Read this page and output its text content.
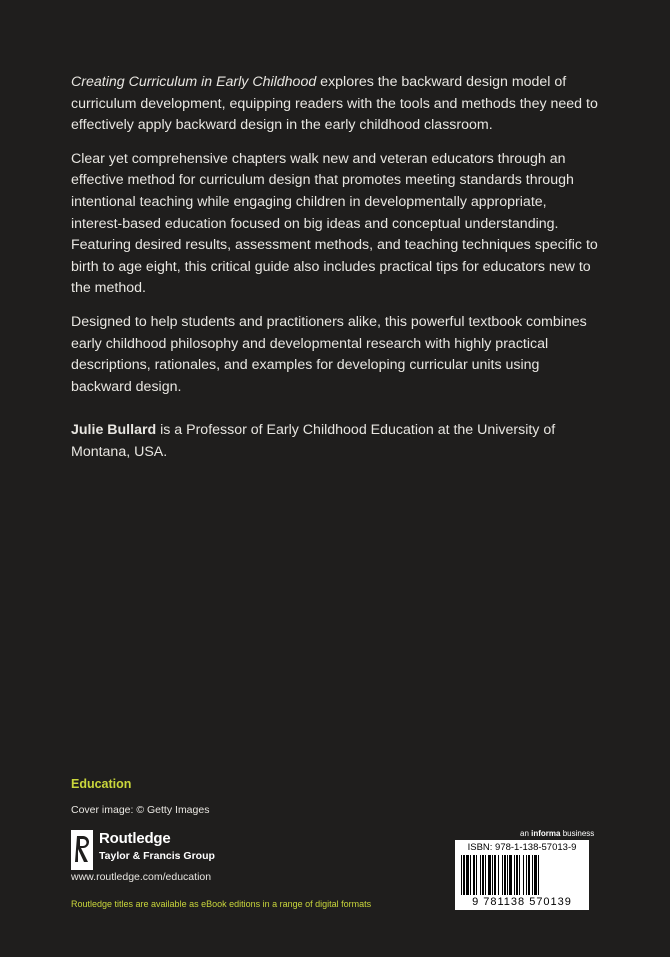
Creating Curriculum in Early Childhood explores the backward design model of curriculum development, equipping readers with the tools and methods they need to effectively apply backward design in the early childhood classroom.

Clear yet comprehensive chapters walk new and veteran educators through an effective method for curriculum design that promotes meeting standards through intentional teaching while engaging children in developmentally appropriate, interest-based education focused on big ideas and conceptual understanding. Featuring desired results, assessment methods, and teaching techniques specific to birth to age eight, this critical guide also includes practical tips for educators new to the method.

Designed to help students and practitioners alike, this powerful textbook combines early childhood philosophy and developmental research with highly practical descriptions, rationales, and examples for developing curricular units using backward design.

Julie Bullard is a Professor of Early Childhood Education at the University of Montana, USA.
Education
Cover image: © Getty Images
Routledge
Taylor & Francis Group
www.routledge.com/education
Routledge titles are available as eBook editions in a range of digital formats
an informa business
ISBN: 978-1-138-57013-9
9 781138 570139
